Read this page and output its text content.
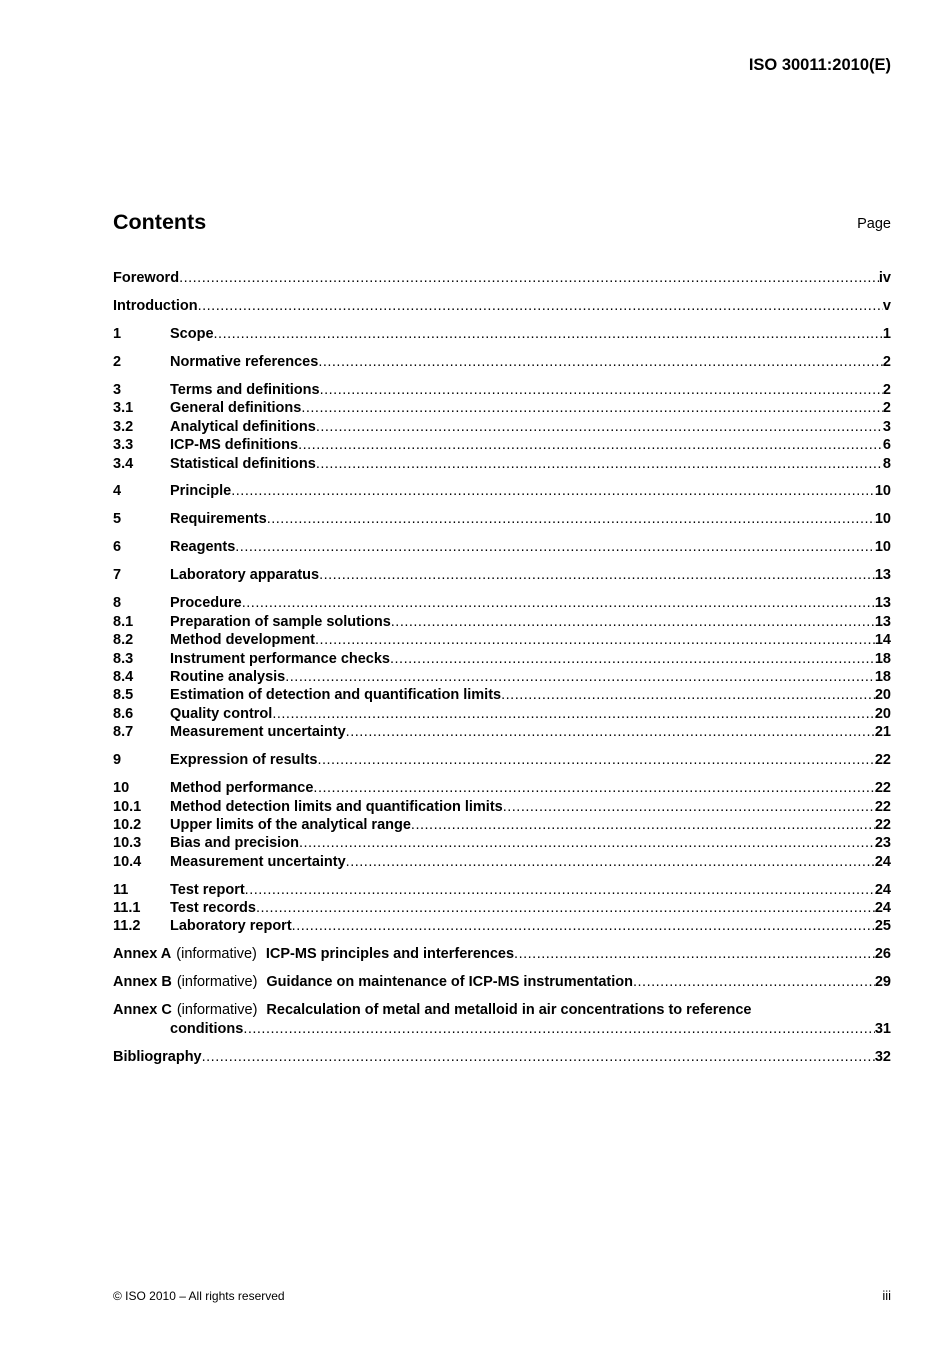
ISO 30011:2010(E)
Contents	Page
Foreword .....	iv
Introduction .....	v
1	Scope .....	1
2	Normative references .....	2
3	Terms and definitions .....	2
3.1	General definitions .....	2
3.2	Analytical definitions .....	3
3.3	ICP-MS definitions .....	6
3.4	Statistical definitions .....	8
4	Principle .....	10
5	Requirements .....	10
6	Reagents .....	10
7	Laboratory apparatus .....	13
8	Procedure .....	13
8.1	Preparation of sample solutions .....	13
8.2	Method development .....	14
8.3	Instrument performance checks .....	18
8.4	Routine analysis .....	18
8.5	Estimation of detection and quantification limits .....	20
8.6	Quality control .....	20
8.7	Measurement uncertainty .....	21
9	Expression of results .....	22
10	Method performance .....	22
10.1	Method detection limits and quantification limits .....	22
10.2	Upper limits of the analytical range .....	22
10.3	Bias and precision .....	23
10.4	Measurement uncertainty .....	24
11	Test report .....	24
11.1	Test records .....	24
11.2	Laboratory report .....	25
Annex A (informative) ICP-MS principles and interferences .....	26
Annex B (informative) Guidance on maintenance of ICP-MS instrumentation .....	29
Annex C (informative) Recalculation of metal and metalloid in air concentrations to reference
conditions .....	31
Bibliography .....	32
© ISO 2010 – All rights reserved	iii
